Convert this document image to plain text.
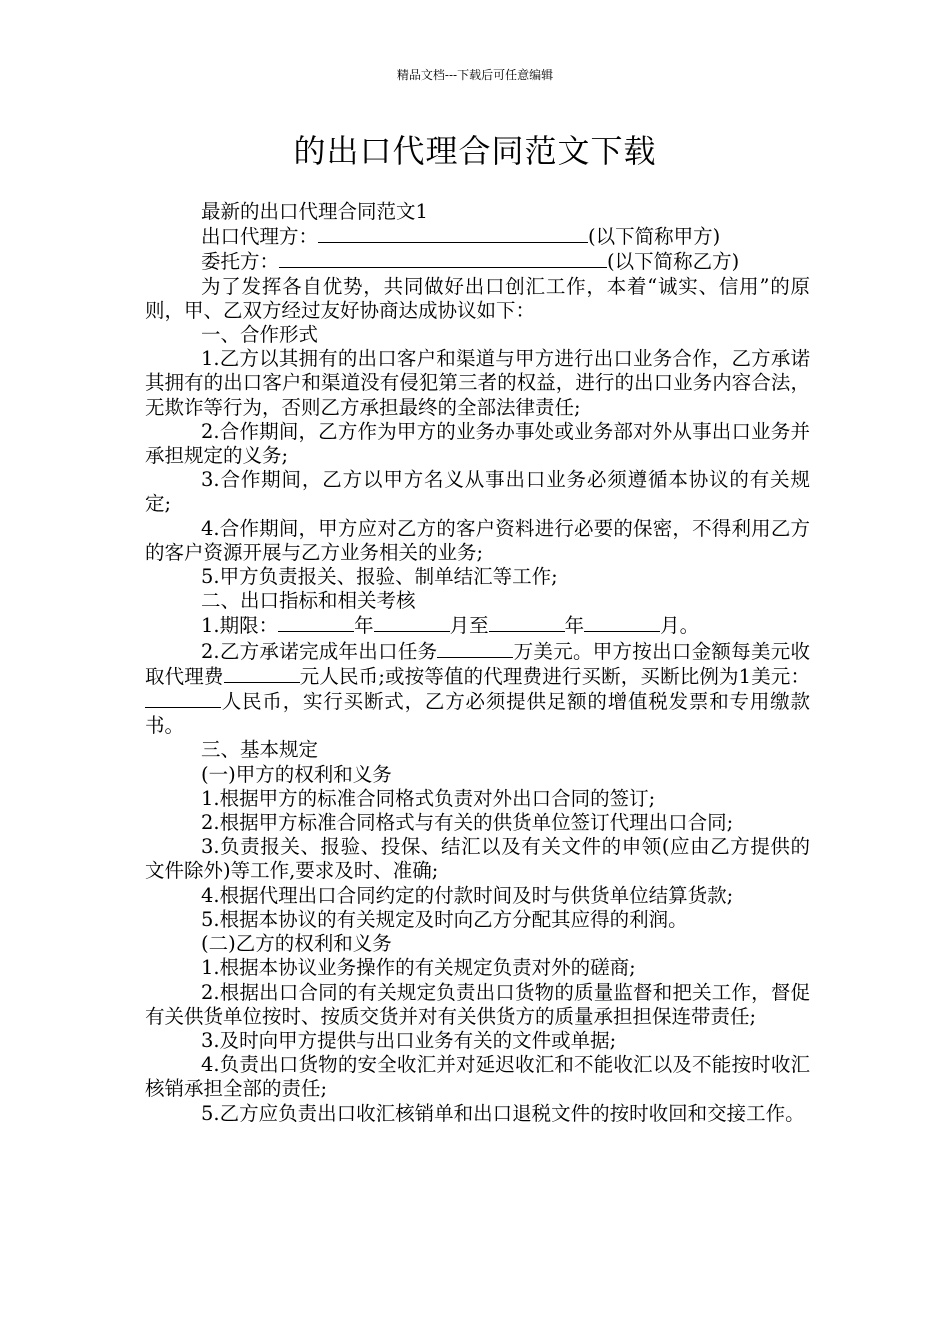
精品文档---下载后可任意编辑
的出口代理合同范文下载

最新的出口代理合同范文1

出口代理方：	(以下简称甲方)

委托方：	(以下简称乙方)

为了发挥各自优势，共同做好出口创汇工作，本着“诚实、信用”的原则，甲、乙双方经过友好协商达成协议如下：

一、合作形式

1.乙方以其拥有的出口客户和渠道与甲方进行出口业务合作，乙方承诺其拥有的出口客户和渠道没有侵犯第三者的权益，进行的出口业务内容合法，无欺诈等行为，否则乙方承担最终的全部法律责任;

2.合作期间，乙方作为甲方的业务办事处或业务部对外从事出口业务并承担规定的义务;

3.合作期间，乙方以甲方名义从事出口业务必须遵循本协议的有关规定;

4.合作期间，甲方应对乙方的客户资料进行必要的保密，不得利用乙方的客户资源开展与乙方业务相关的业务;

5.甲方负责报关、报验、制单结汇等工作;

二、出口指标和相关考核

1.期限：	年	月至	年	月。

2.乙方承诺完成年出口任务	万美元。甲方按出口金额每美元收取代理费	元人民币;或按等值的代理费进行买断，买断比例为1美元：人民币，实行买断式，乙方必须提供足额的增值税发票和专用缴款书。

三、基本规定

(一)甲方的权利和义务

1.根据甲方的标准合同格式负责对外出口合同的签订;

2.根据甲方标准合同格式与有关的供货单位签订代理出口合同;

3.负责报关、报验、投保、结汇以及有关文件的申领(应由乙方提供的文件除外)等工作,要求及时、准确;

4.根据代理出口合同约定的付款时间及时与供货单位结算货款;

5.根据本协议的有关规定及时向乙方分配其应得的利润。

(二)乙方的权利和义务

1.根据本协议业务操作的有关规定负责对外的磋商;

2.根据出口合同的有关规定负责出口货物的质量监督和把关工作，督促有关供货单位按时、按质交货并对有关供货方的质量承担担保连带责任;

3.及时向甲方提供与出口业务有关的文件或单据;

4.负责出口货物的安全收汇并对延迟收汇和不能收汇以及不能按时收汇核销承担全部的责任;

5.乙方应负责出口收汇核销单和出口退税文件的按时收回和交接工作。
